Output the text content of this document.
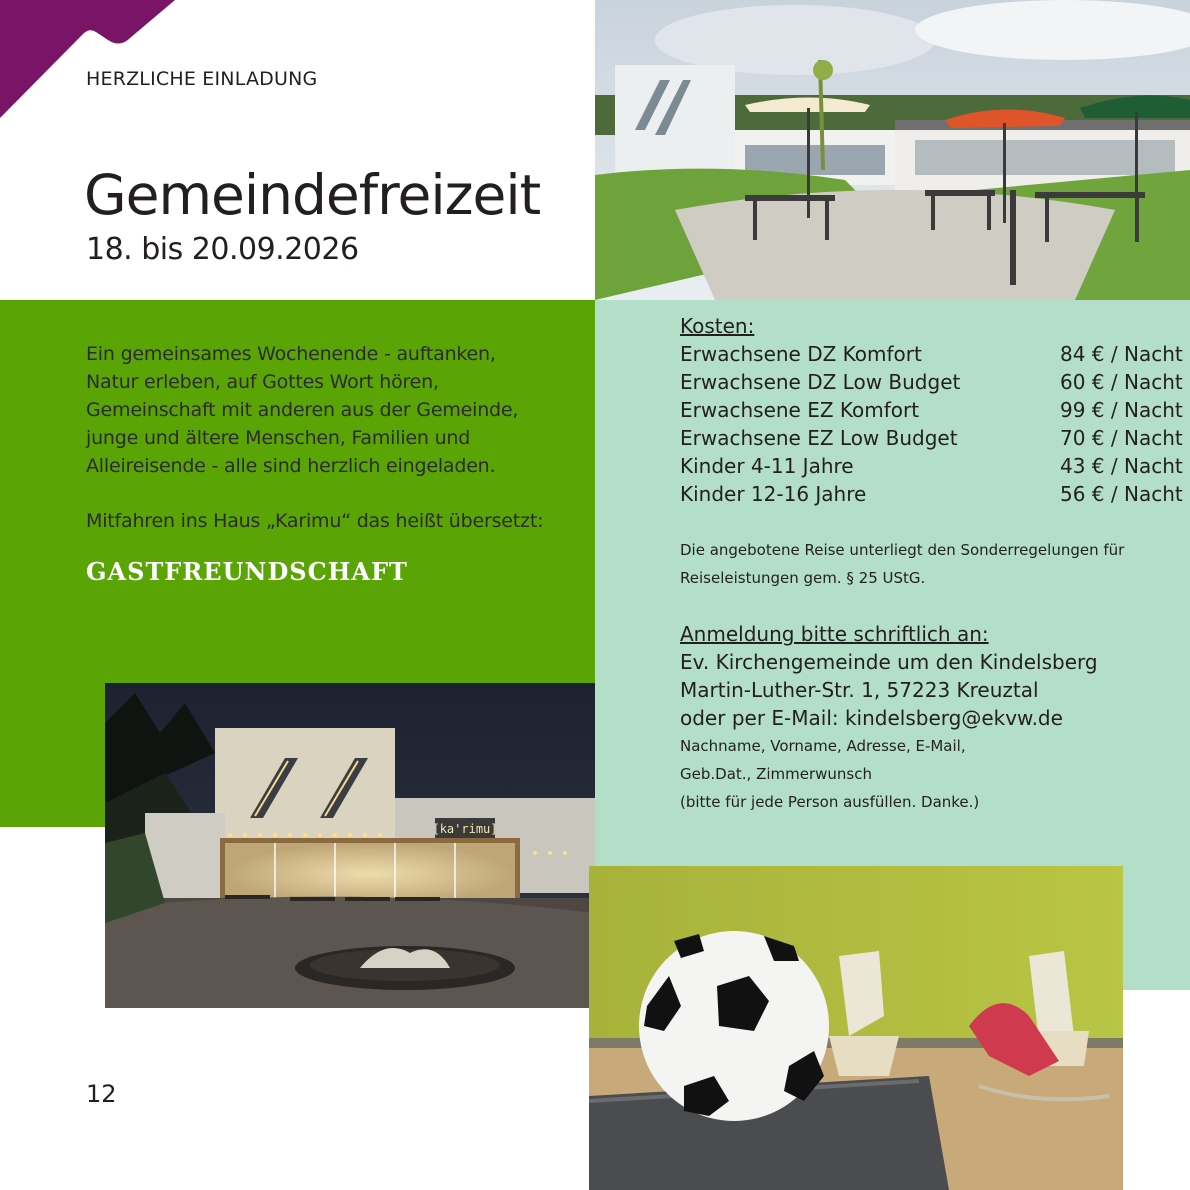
HERZLICHE EINLADUNG
Gemeindefreizeit
18. bis 20.09.2026
Ein gemeinsames Wochenende - auftanken,
Natur erleben, auf Gottes Wort hören,
Gemeinschaft mit anderen aus der Gemeinde,
junge und ältere Menschen, Familien und
Alleireisende - alle sind herzlich eingeladen.
Mitfahren ins Haus „Karimu“ das heißt übersetzt:
GASTFREUNDSCHAFT
Kosten:
Erwachsene DZ Komfort	84 € / Nacht
Erwachsene DZ Low Budget	60 € / Nacht
Erwachsene EZ Komfort	99 € / Nacht
Erwachsene EZ Low Budget	70 € / Nacht
Kinder 4-11 Jahre	43 € / Nacht
Kinder 12-16 Jahre	56 € / Nacht
Die angebotene Reise unterliegt den Sonderregelungen für
Reiseleistungen gem. § 25 UStG.
Anmeldung bitte schriftlich an:
Ev. Kirchengemeinde um den Kindelsberg
Martin-Luther-Str. 1, 57223 Kreuztal
oder per E-Mail: kindelsberg@ekvw.de
Nachname, Vorname, Adresse, E-Mail,
Geb.Dat., Zimmerwunsch
(bitte für jede Person ausfüllen. Danke.)
[ka'rimu]
12
